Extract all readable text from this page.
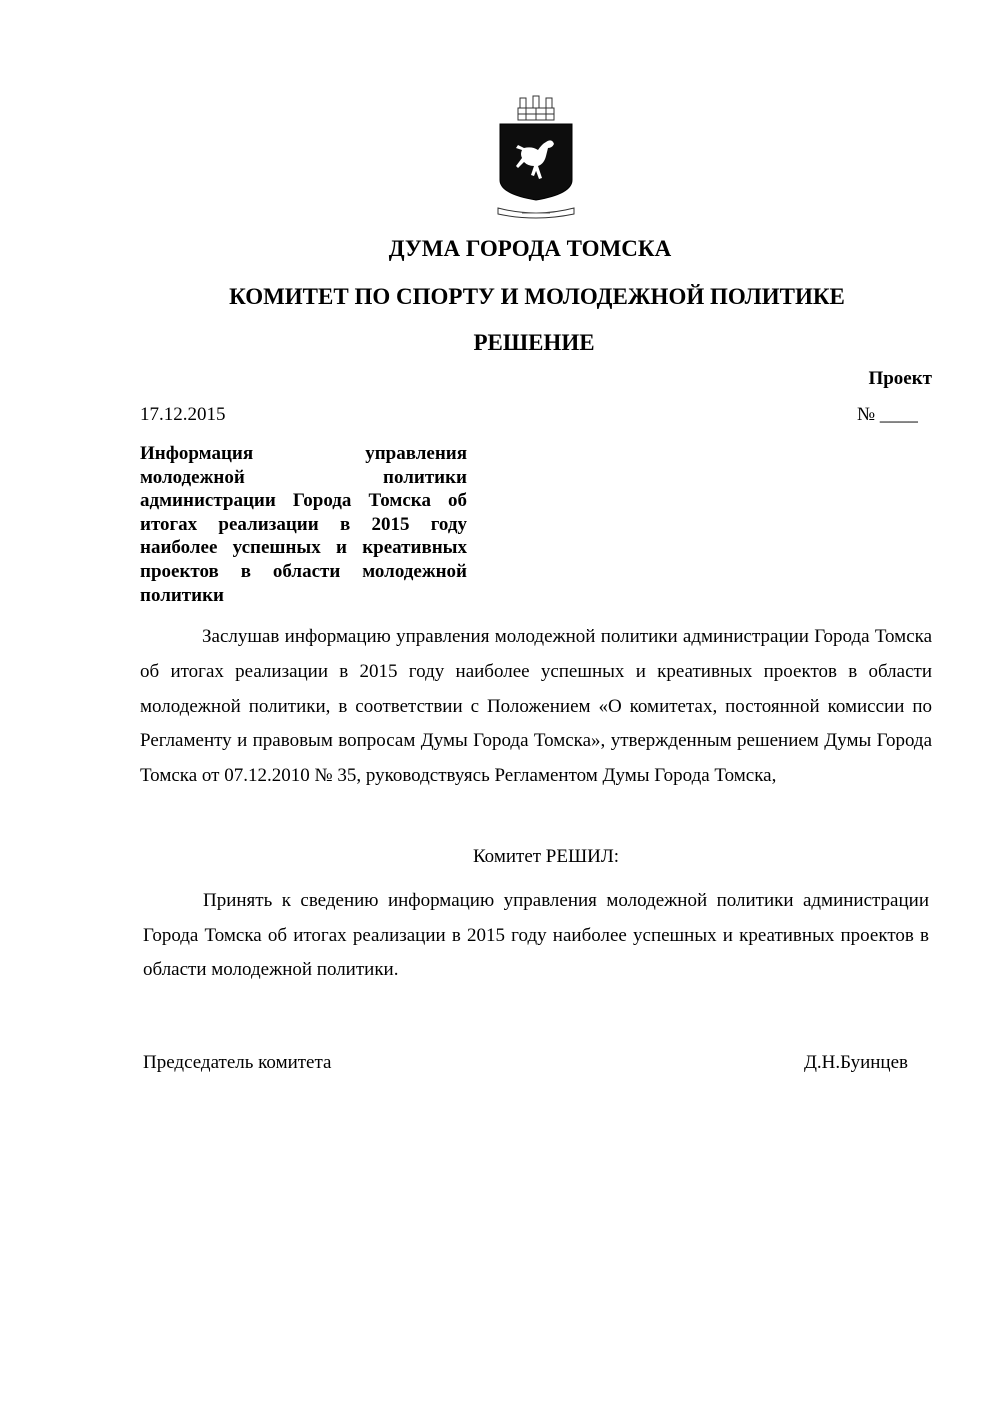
ДУМА ГОРОДА ТОМСКА
КОМИТЕТ ПО СПОРТУ И МОЛОДЕЖНОЙ ПОЛИТИКЕ
РЕШЕНИЕ
Проект
17.12.2015	№ ____

Информация управления молодежной политики администрации Города Томска об итогах реализации в 2015 году наиболее успешных и креативных проектов в области молодежной политики

Заслушав информацию управления молодежной политики администрации Города Томска об итогах реализации в 2015 году наиболее успешных и креативных проектов в области молодежной политики, в соответствии с Положением «О комитетах, постоянной комиссии по Регламенту и правовым вопросам Думы Города Томска», утвержденным решением Думы Города Томска от 07.12.2010 № 35, руководствуясь Регламентом Думы Города Томска,

Комитет РЕШИЛ:

Принять к сведению информацию управления молодежной политики администрации Города Томска об итогах реализации в 2015 году наиболее успешных и креативных проектов в области молодежной политики.

Председатель комитета	Д.Н.Буинцев
